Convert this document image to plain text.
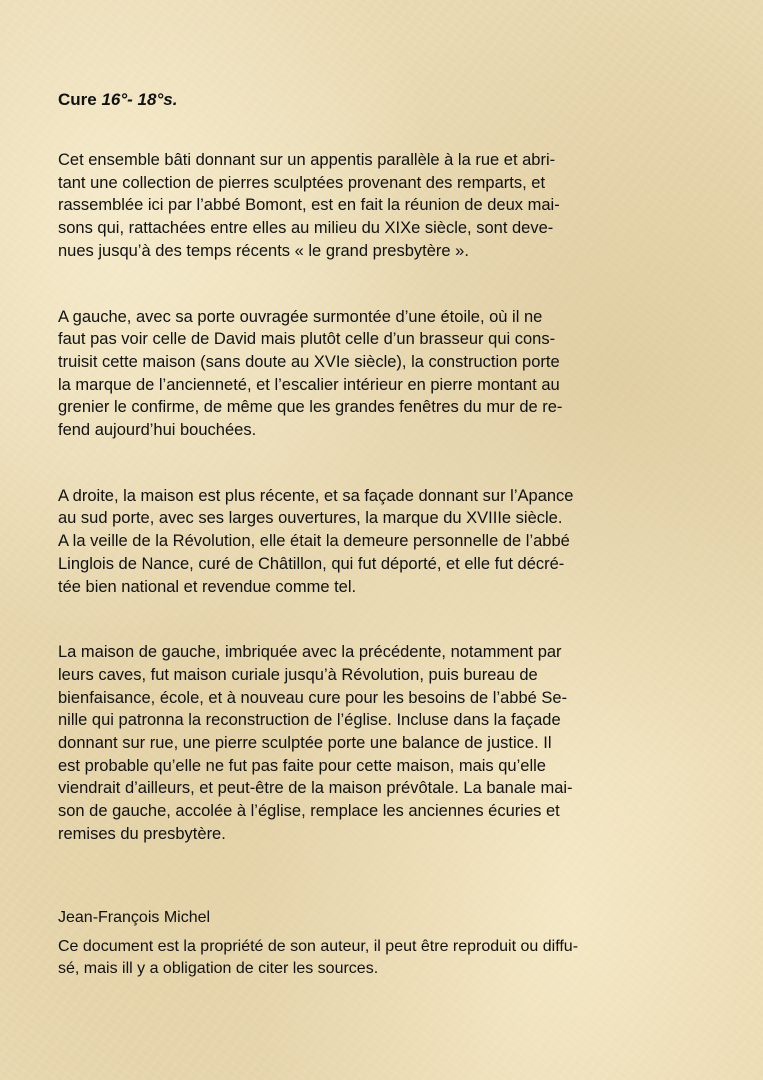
Cure 16°- 18°s.

Cet ensemble bâti donnant sur un appentis parallèle à la rue et abri-
tant une collection de pierres sculptées provenant des remparts, et
rassemblée ici par l’abbé Bomont, est en fait la réunion de deux mai-
sons qui, rattachées entre elles au milieu du XIXe siècle, sont deve-
nues jusqu’à des temps récents « le grand presbytère ».

A gauche, avec sa porte ouvragée surmontée d’une étoile, où il ne
faut pas voir celle de David mais plutôt celle d’un brasseur qui cons-
truisit cette maison (sans doute au XVIe siècle), la construction porte
la marque de l’ancienneté, et l’escalier intérieur en pierre montant au
grenier le confirme, de même que les grandes fenêtres du mur de re-
fend aujourd’hui bouchées.

A droite, la maison est plus récente, et sa façade donnant sur l’Apance
au sud porte, avec ses larges ouvertures, la marque du XVIIIe siècle.
A la veille de la Révolution, elle était la demeure personnelle de l’abbé
Linglois de Nance, curé de Châtillon, qui fut déporté, et elle fut décré-
tée bien national et revendue comme tel.

La maison de gauche, imbriquée avec la précédente, notamment par
leurs caves, fut maison curiale jusqu’à Révolution, puis bureau de
bienfaisance, école, et à nouveau cure pour les besoins de l’abbé Se-
nille qui patronna la reconstruction de l’église. Incluse dans la façade
donnant sur rue, une pierre sculptée porte une balance de justice. Il
est probable qu’elle ne fut pas faite pour cette maison, mais qu’elle
viendrait d’ailleurs, et peut-être de la maison prévôtale. La banale mai-
son de gauche, accolée à l’église, remplace les anciennes écuries et
remises du presbytère.

Jean-François Michel

Ce document est la propriété de son auteur, il peut être reproduit ou diffu-
sé, mais ill y a obligation de citer les sources.
